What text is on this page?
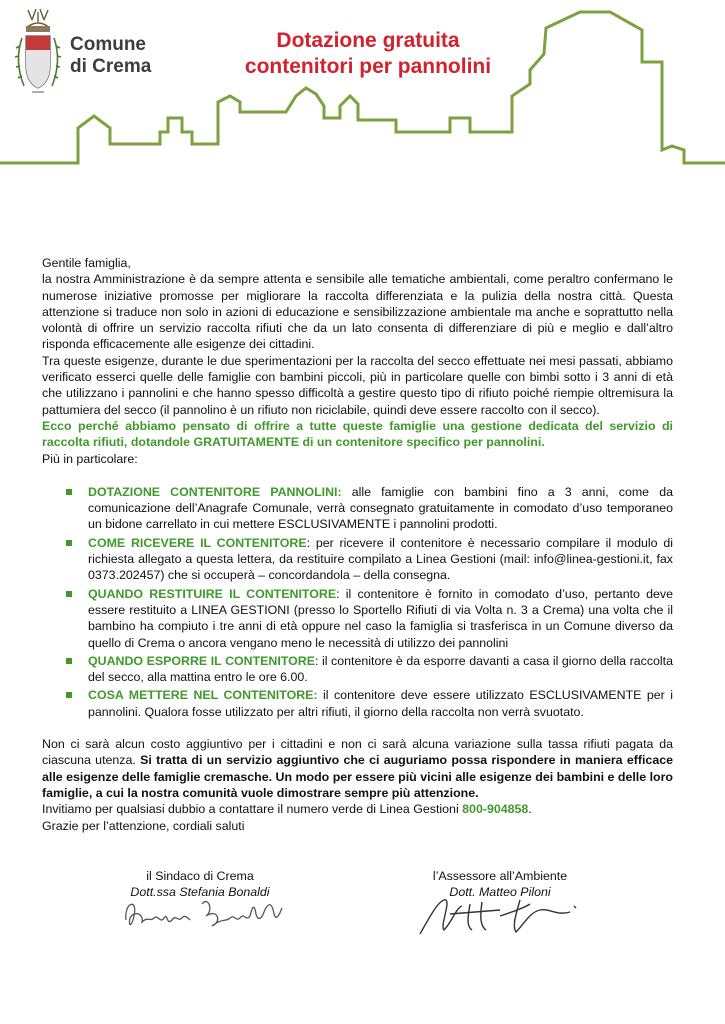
Comune
di Crema
Dotazione gratuita
contenitori per pannolini

Gentile famiglia,

la nostra Amministrazione è da sempre attenta e sensibile alle tematiche ambientali, come peraltro confermano le numerose iniziative promosse per migliorare la raccolta differenziata e la pulizia della nostra città. Questa attenzione si traduce non solo in azioni di educazione e sensibilizzazione ambientale ma anche e soprattutto nella volontà di offrire un servizio raccolta rifiuti che da un lato consenta di differenziare di più e meglio e dall’altro risponda efficacemente alle esigenze dei cittadini.

Tra queste esigenze, durante le due sperimentazioni per la raccolta del secco effettuate nei mesi passati, abbiamo verificato esserci quelle delle famiglie con bambini piccoli, più in particolare quelle con bimbi sotto i 3 anni di età che utilizzano i pannolini e che hanno spesso difficoltà a gestire questo tipo di rifiuto poiché riempie oltremisura la pattumiera del secco (il pannolino è un rifiuto non riciclabile, quindi deve essere raccolto con il secco).

Ecco perché abbiamo pensato di offrire a tutte queste famiglie una gestione dedicata del servizio di raccolta rifiuti, dotandole GRATUITAMENTE di un contenitore specifico per pannolini.

Più in particolare:

DOTAZIONE CONTENITORE PANNOLINI: alle famiglie con bambini fino a 3 anni, come da comunicazione dell’Anagrafe Comunale, verrà consegnato gratuitamente in comodato d’uso temporaneo un bidone carrellato in cui mettere ESCLUSIVAMENTE i pannolini prodotti.
COME RICEVERE IL CONTENITORE: per ricevere il contenitore è necessario compilare il modulo di richiesta allegato a questa lettera, da restituire compilato a Linea Gestioni (mail: info@linea-gestioni.it, fax 0373.202457) che si occuperà – concordandola – della consegna.
QUANDO RESTITUIRE IL CONTENITORE: il contenitore è fornito in comodato d’uso, pertanto deve essere restituito a LINEA GESTIONI (presso lo Sportello Rifiuti di via Volta n. 3 a Crema) una volta che il bambino ha compiuto i tre anni di età oppure nel caso la famiglia si trasferisca in un Comune diverso da quello di Crema o ancora vengano meno le necessità di utilizzo dei pannolini
QUANDO ESPORRE IL CONTENITORE: il contenitore è da esporre davanti a casa il giorno della raccolta del secco, alla mattina entro le ore 6.00.
COSA METTERE NEL CONTENITORE: il contenitore deve essere utilizzato ESCLUSIVAMENTE per i pannolini. Qualora fosse utilizzato per altri rifiuti, il giorno della raccolta non verrà svuotato.

Non ci sarà alcun costo aggiuntivo per i cittadini e non ci sarà alcuna variazione sulla tassa rifiuti pagata da ciascuna utenza. Si tratta di un servizio aggiuntivo che ci auguriamo possa rispondere in maniera efficace alle esigenze delle famiglie cremasche. Un modo per essere più vicini alle esigenze dei bambini e delle loro famiglie, a cui la nostra comunità vuole dimostrare sempre più attenzione.

Invitiamo per qualsiasi dubbio a contattare il numero verde di Linea Gestioni 800-904858.

Grazie per l’attenzione, cordiali saluti

il Sindaco di Crema
Dott.ssa Stefania Bonaldi
l’Assessore all’Ambiente
Dott. Matteo Piloni
